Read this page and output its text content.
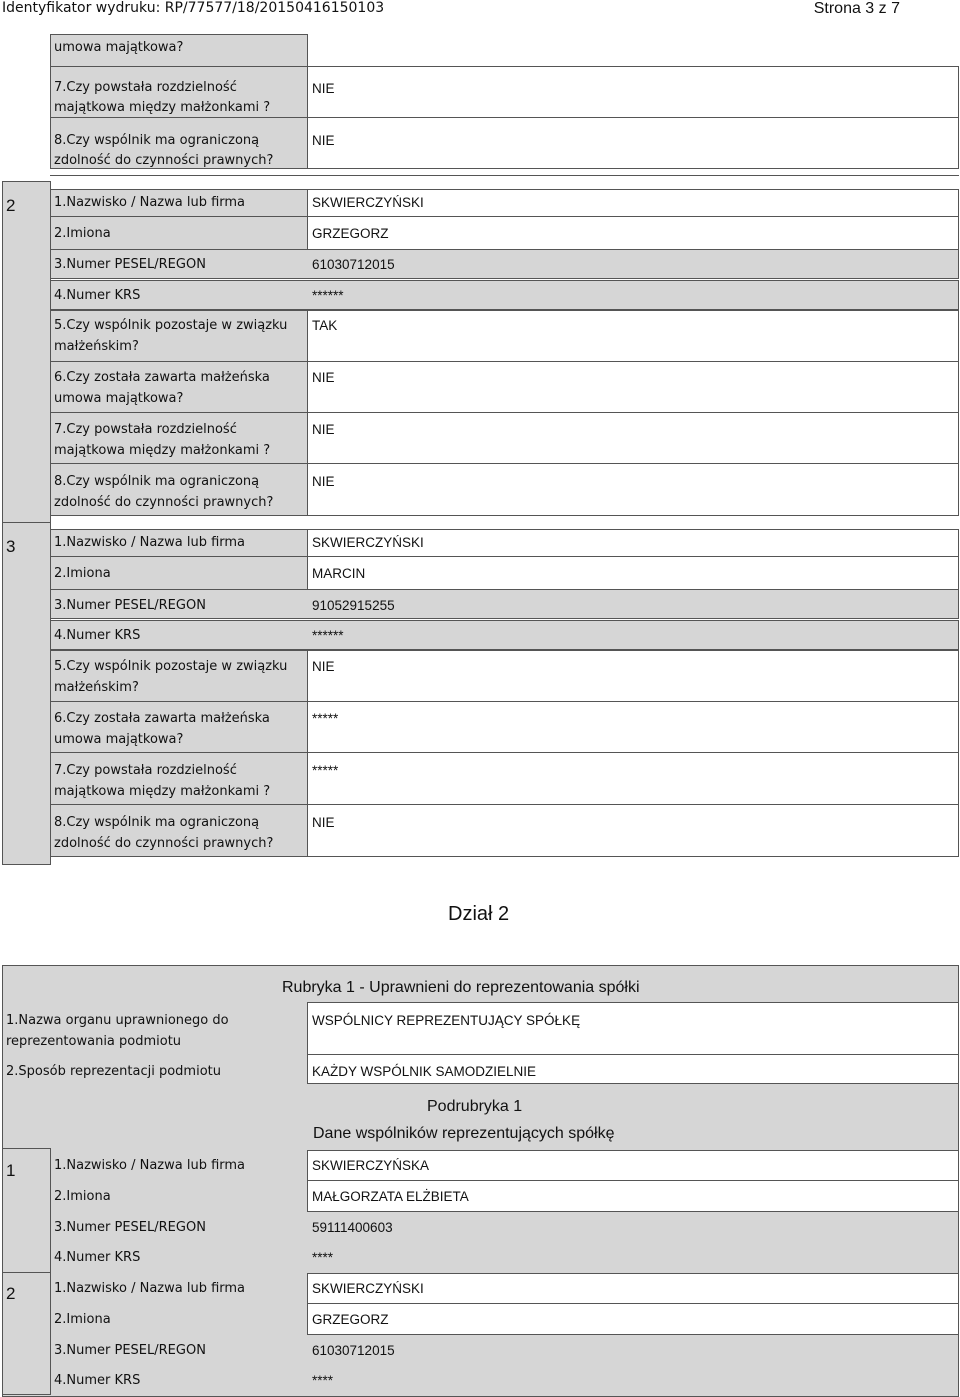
Identyfikator wydruku: RP/77577/18/20150416150103	Strona 3 z 7
umowa majątkowa?
7.Czy powstała rozdzielność
majątkowa między małżonkami ?
NIE
8.Czy wspólnik ma ograniczoną
zdolność do czynności prawnych?
NIE
2	1.Nazwisko / Nazwa lub firma	SKWIERCZYŃSKI
2.Imiona	GRZEGORZ
3.Numer PESEL/REGON	61030712015
4.Numer KRS	******
5.Czy wspólnik pozostaje w związku
małżeńskim?
TAK
6.Czy została zawarta małżeńska
umowa majątkowa?
NIE
7.Czy powstała rozdzielność
majątkowa między małżonkami ?
NIE
8.Czy wspólnik ma ograniczoną
zdolność do czynności prawnych?
NIE
3	1.Nazwisko / Nazwa lub firma	SKWIERCZYŃSKI
2.Imiona	MARCIN
3.Numer PESEL/REGON	91052915255
4.Numer KRS	******
5.Czy wspólnik pozostaje w związku
małżeńskim?
NIE
6.Czy została zawarta małżeńska
umowa majątkowa?
*****
7.Czy powstała rozdzielność
majątkowa między małżonkami ?
*****
8.Czy wspólnik ma ograniczoną
zdolność do czynności prawnych?
NIE
Dział 2
Rubryka 1 - Uprawnieni do reprezentowania spółki
1.Nazwa organu uprawnionego do
reprezentowania podmiotu
WSPÓLNICY REPREZENTUJĄCY SPÓŁKĘ
2.Sposób reprezentacji podmiotu	KAŻDY WSPÓLNIK SAMODZIELNIE
Podrubryka 1
Dane wspólników reprezentujących spółkę
1	1.Nazwisko / Nazwa lub firma	SKWIERCZYŃSKA
2.Imiona	MAŁGORZATA ELŻBIETA
3.Numer PESEL/REGON	59111400603
4.Numer KRS	****
2	1.Nazwisko / Nazwa lub firma	SKWIERCZYŃSKI
2.Imiona	GRZEGORZ
3.Numer PESEL/REGON	61030712015
4.Numer KRS	****
